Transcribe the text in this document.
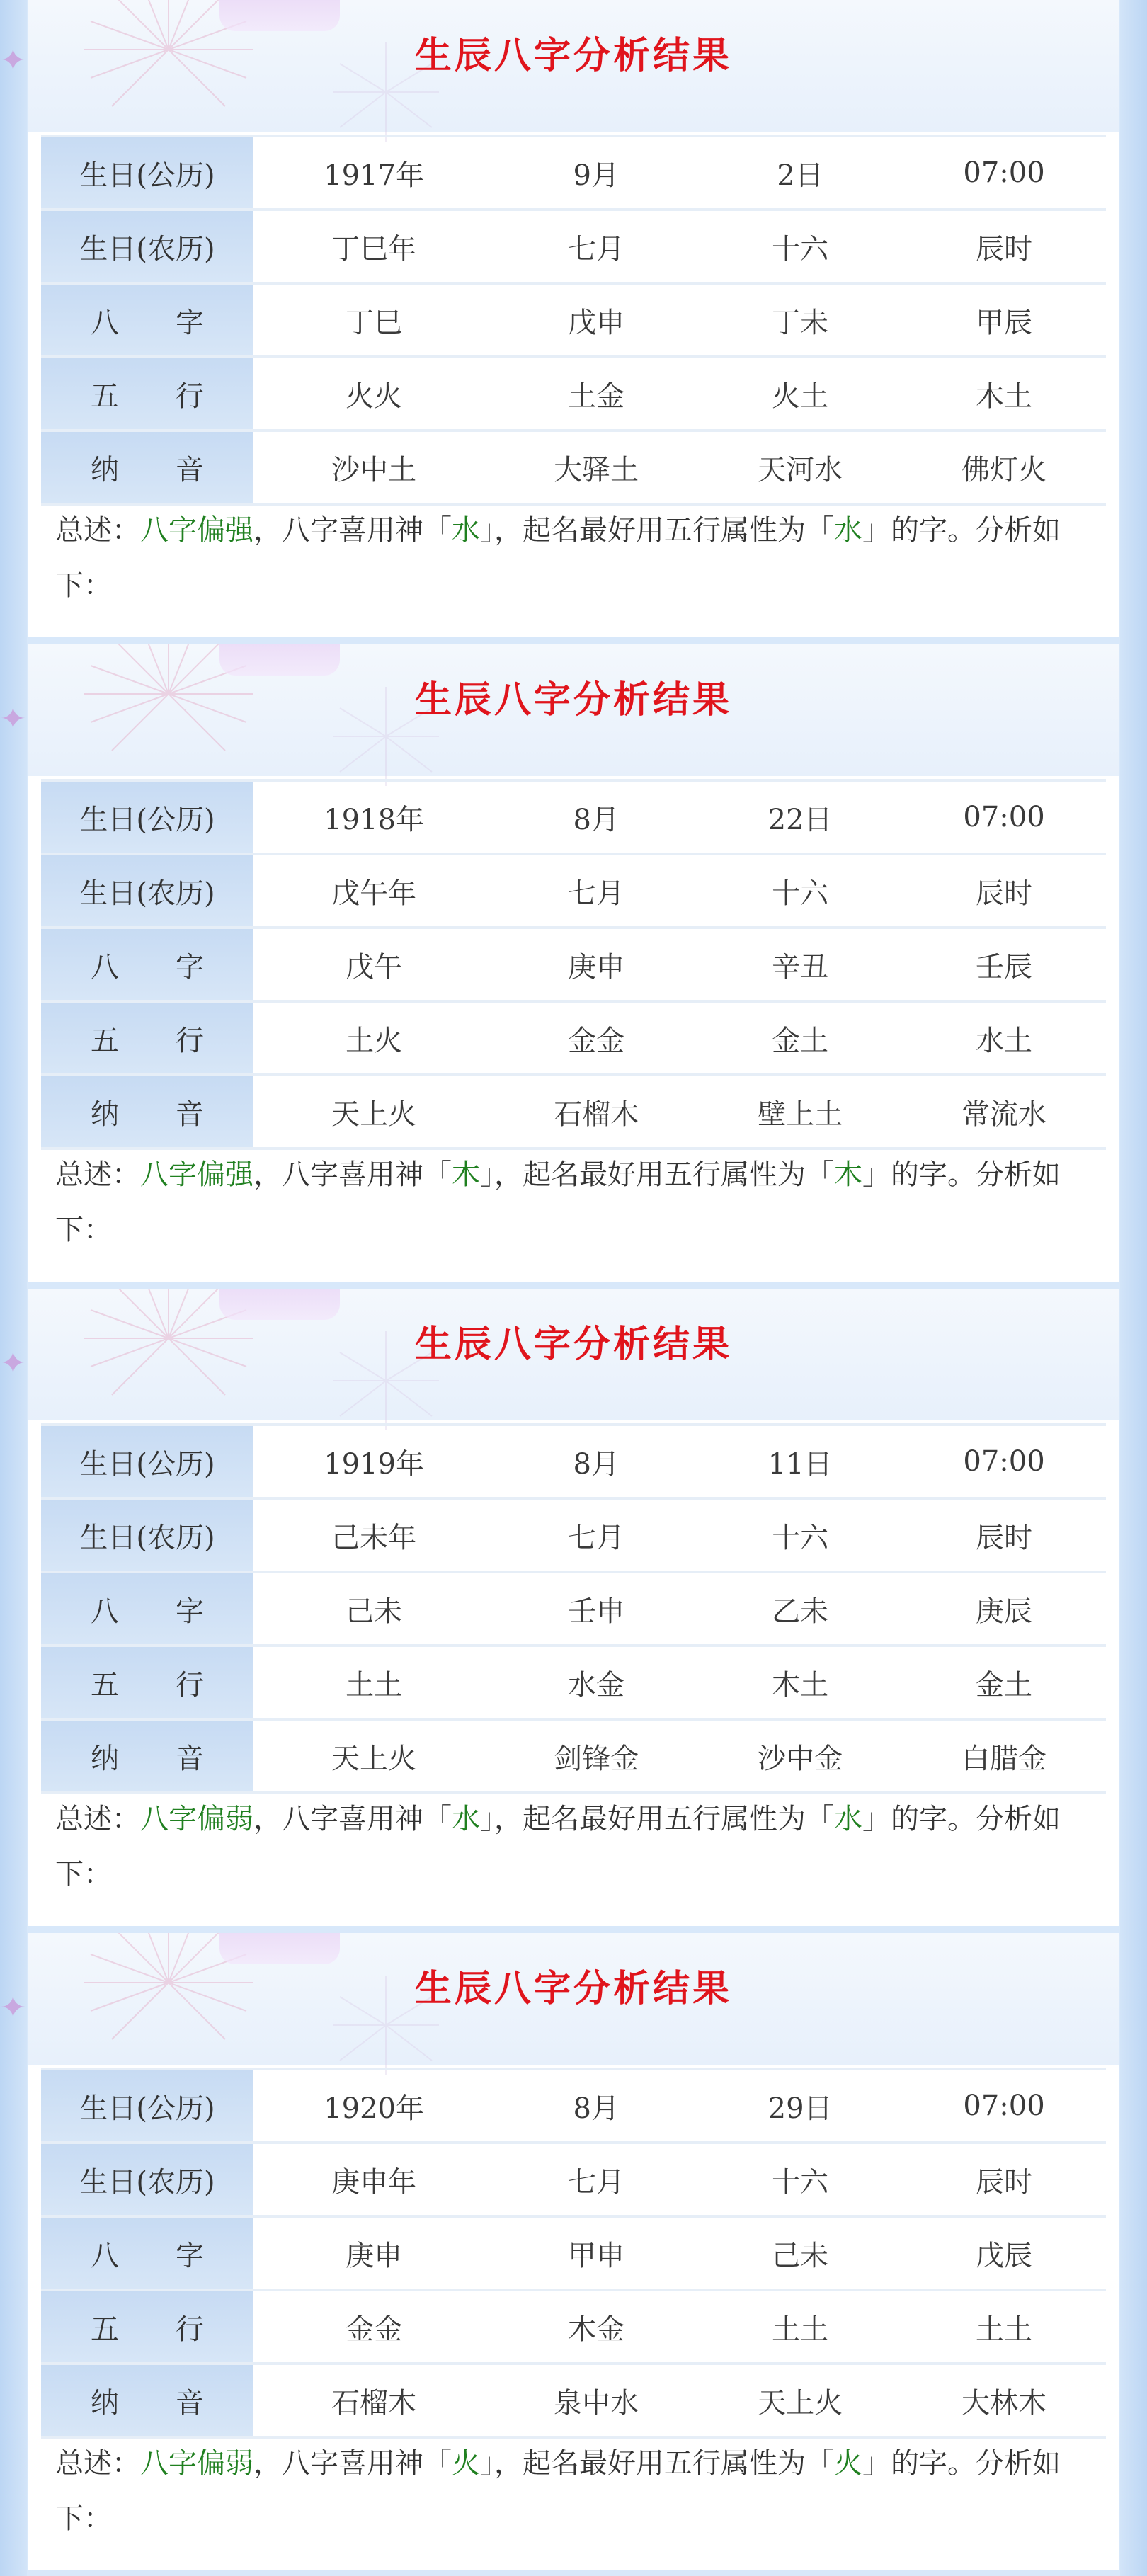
✦
✦
✦
✦
生辰八字分析结果
生日(公历)	1917年	9月	2日	07:00
生日(农历)	丁巳年	七月	十六	辰时
八　　字	丁巳	戊申	丁未	甲辰
五　　行	火火	土金	火土	木土
纳　　音	沙中土	大驿土	天河水	佛灯火
总述：八字偏强，八字喜用神「水」，起名最好用五行属性为「水」的字。分析如下：
生辰八字分析结果
生日(公历)	1918年	8月	22日	07:00
生日(农历)	戊午年	七月	十六	辰时
八　　字	戊午	庚申	辛丑	壬辰
五　　行	土火	金金	金土	水土
纳　　音	天上火	石榴木	壁上土	常流水
总述：八字偏强，八字喜用神「木」，起名最好用五行属性为「木」的字。分析如下：
生辰八字分析结果
生日(公历)	1919年	8月	11日	07:00
生日(农历)	己未年	七月	十六	辰时
八　　字	己未	壬申	乙未	庚辰
五　　行	土土	水金	木土	金土
纳　　音	天上火	剑锋金	沙中金	白腊金
总述：八字偏弱，八字喜用神「水」，起名最好用五行属性为「水」的字。分析如下：
生辰八字分析结果
生日(公历)	1920年	8月	29日	07:00
生日(农历)	庚申年	七月	十六	辰时
八　　字	庚申	甲申	己未	戊辰
五　　行	金金	木金	土土	土土
纳　　音	石榴木	泉中水	天上火	大林木
总述：八字偏弱，八字喜用神「火」，起名最好用五行属性为「火」的字。分析如下：
